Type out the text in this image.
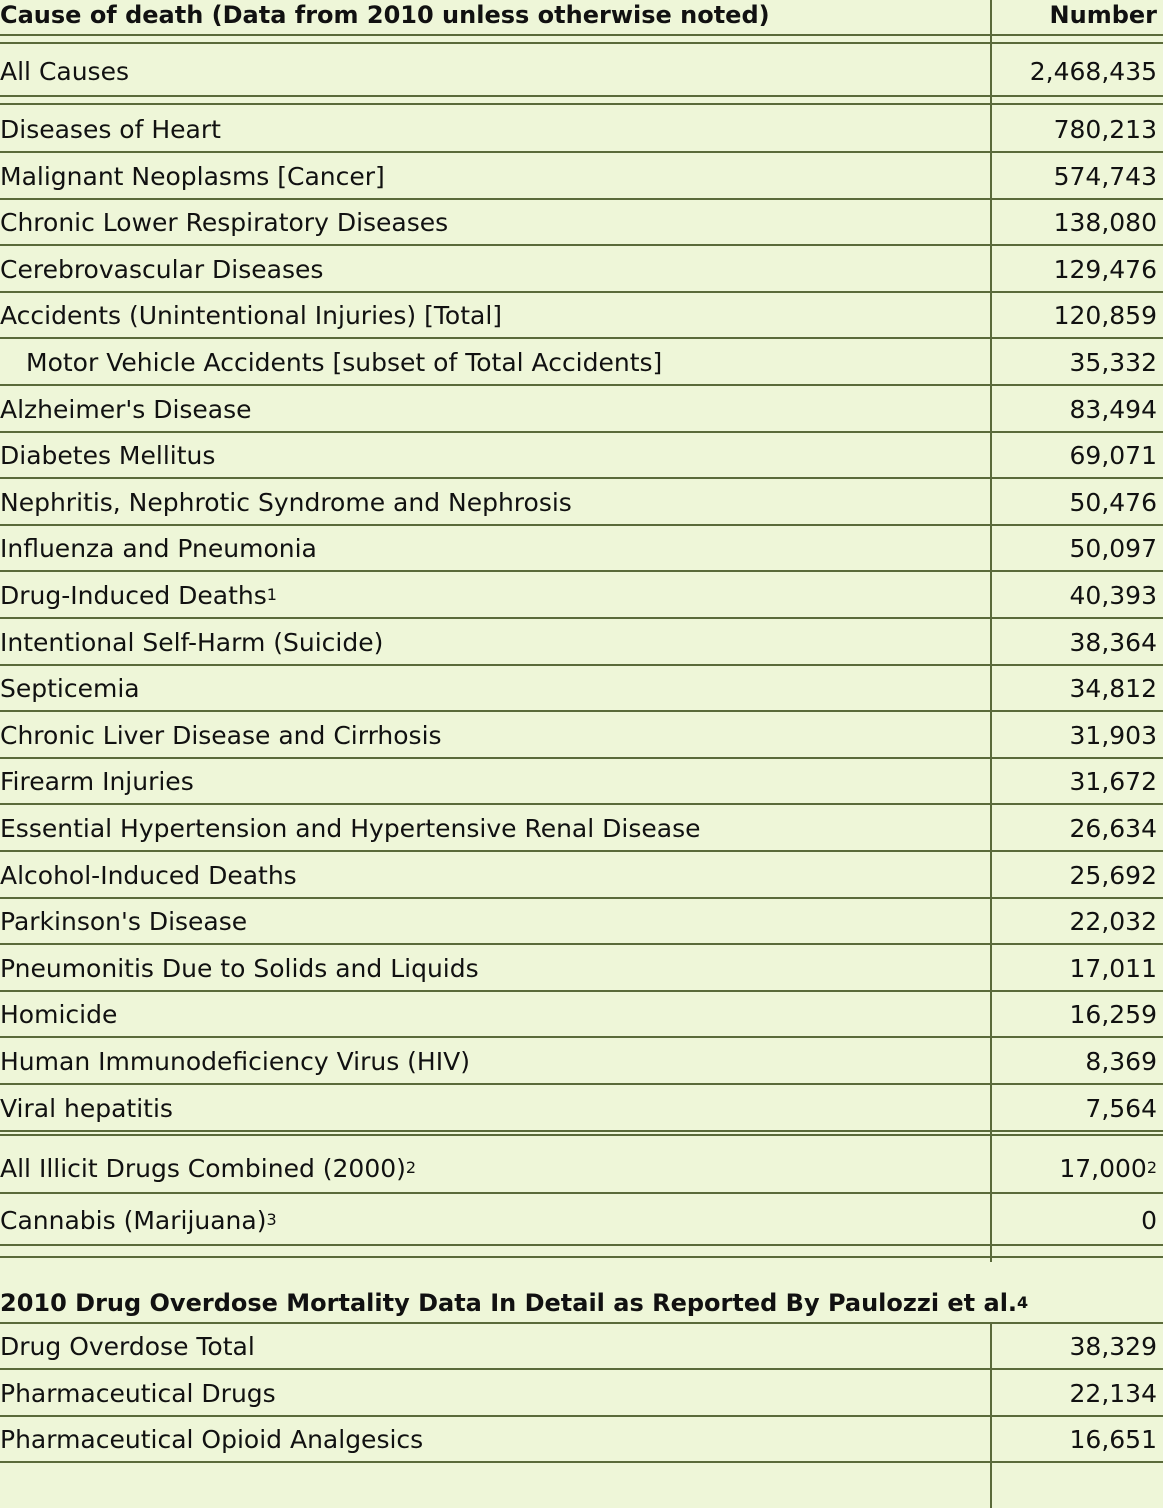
Cause of death (Data from 2010 unless otherwise noted)	Number
All Causes	2,468,435
Diseases of Heart	780,213
Malignant Neoplasms [Cancer]	574,743
Chronic Lower Respiratory Diseases	138,080
Cerebrovascular Diseases	129,476
Accidents (Unintentional Injuries) [Total]	120,859
Motor Vehicle Accidents [subset of Total Accidents]	35,332
Alzheimer's Disease	83,494
Diabetes Mellitus	69,071
Nephritis, Nephrotic Syndrome and Nephrosis	50,476
Influenza and Pneumonia	50,097
Drug-Induced Deaths 1	40,393
Intentional Self-Harm (Suicide)	38,364
Septicemia	34,812
Chronic Liver Disease and Cirrhosis	31,903
Firearm Injuries	31,672
Essential Hypertension and Hypertensive Renal Disease	26,634
Alcohol-Induced Deaths	25,692
Parkinson's Disease	22,032
Pneumonitis Due to Solids and Liquids	17,011
Homicide	16,259
Human Immunodeficiency Virus (HIV)	8,369
Viral hepatitis	7,564
All Illicit Drugs Combined (2000) 2	17,000 2
Cannabis (Marijuana) 3	0
2010 Drug Overdose Mortality Data In Detail as Reported By Paulozzi et al. 4
Drug Overdose Total	38,329
Pharmaceutical Drugs	22,134
Pharmaceutical Opioid Analgesics	16,651
